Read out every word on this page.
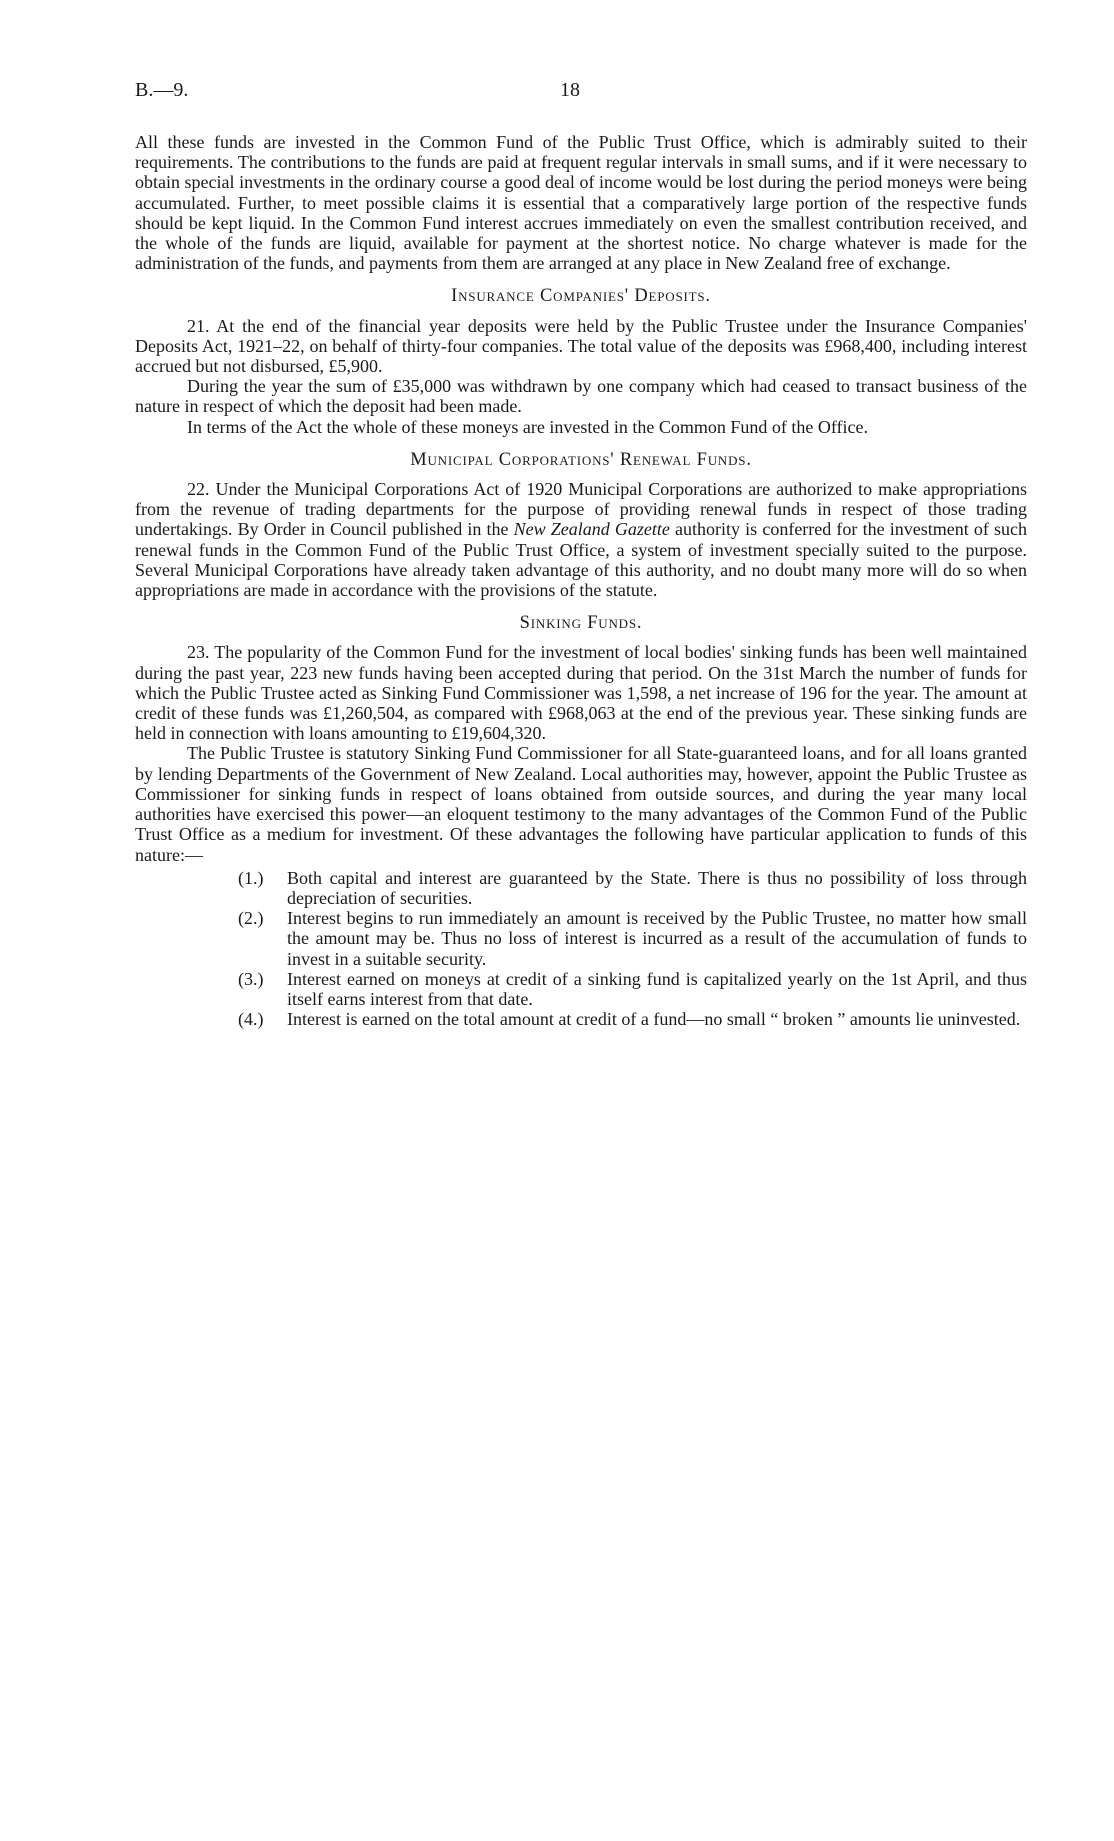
B.—9.	18

All these funds are invested in the Common Fund of the Public Trust Office, which is admirably suited to their requirements. The contributions to the funds are paid at frequent regular intervals in small sums, and if it were necessary to obtain special investments in the ordinary course a good deal of income would be lost during the period moneys were being accumulated. Further, to meet possible claims it is essential that a comparatively large portion of the respective funds should be kept liquid. In the Common Fund interest accrues immediately on even the smallest contribution received, and the whole of the funds are liquid, available for payment at the shortest notice. No charge whatever is made for the administration of the funds, and payments from them are arranged at any place in New Zealand free of exchange.

Insurance Companies' Deposits.

21. At the end of the financial year deposits were held by the Public Trustee under the Insurance Companies' Deposits Act, 1921–22, on behalf of thirty-four companies. The total value of the deposits was £968,400, including interest accrued but not disbursed, £5,900.

During the year the sum of £35,000 was withdrawn by one company which had ceased to transact business of the nature in respect of which the deposit had been made.

In terms of the Act the whole of these moneys are invested in the Common Fund of the Office.

Municipal Corporations' Renewal Funds.

22. Under the Municipal Corporations Act of 1920 Municipal Corporations are authorized to make appropriations from the revenue of trading departments for the purpose of providing renewal funds in respect of those trading undertakings. By Order in Council published in the New Zealand Gazette authority is conferred for the investment of such renewal funds in the Common Fund of the Public Trust Office, a system of investment specially suited to the purpose. Several Municipal Corporations have already taken advantage of this authority, and no doubt many more will do so when appropriations are made in accordance with the provisions of the statute.

Sinking Funds.

23. The popularity of the Common Fund for the investment of local bodies' sinking funds has been well maintained during the past year, 223 new funds having been accepted during that period. On the 31st March the number of funds for which the Public Trustee acted as Sinking Fund Commissioner was 1,598, a net increase of 196 for the year. The amount at credit of these funds was £1,260,504, as compared with £968,063 at the end of the previous year. These sinking funds are held in connection with loans amounting to £19,604,320.

The Public Trustee is statutory Sinking Fund Commissioner for all State-guaranteed loans, and for all loans granted by lending Departments of the Government of New Zealand. Local authorities may, however, appoint the Public Trustee as Commissioner for sinking funds in respect of loans obtained from outside sources, and during the year many local authorities have exercised this power—an eloquent testimony to the many advantages of the Common Fund of the Public Trust Office as a medium for investment. Of these advantages the following have particular application to funds of this nature:—

(1.) Both capital and interest are guaranteed by the State. There is thus no possibility of loss through depreciation of securities.
(2.) Interest begins to run immediately an amount is received by the Public Trustee, no matter how small the amount may be. Thus no loss of interest is incurred as a result of the accumulation of funds to invest in a suitable security.
(3.) Interest earned on moneys at credit of a sinking fund is capitalized yearly on the 1st April, and thus itself earns interest from that date.
(4.) Interest is earned on the total amount at credit of a fund—no small “ broken ” amounts lie uninvested.
